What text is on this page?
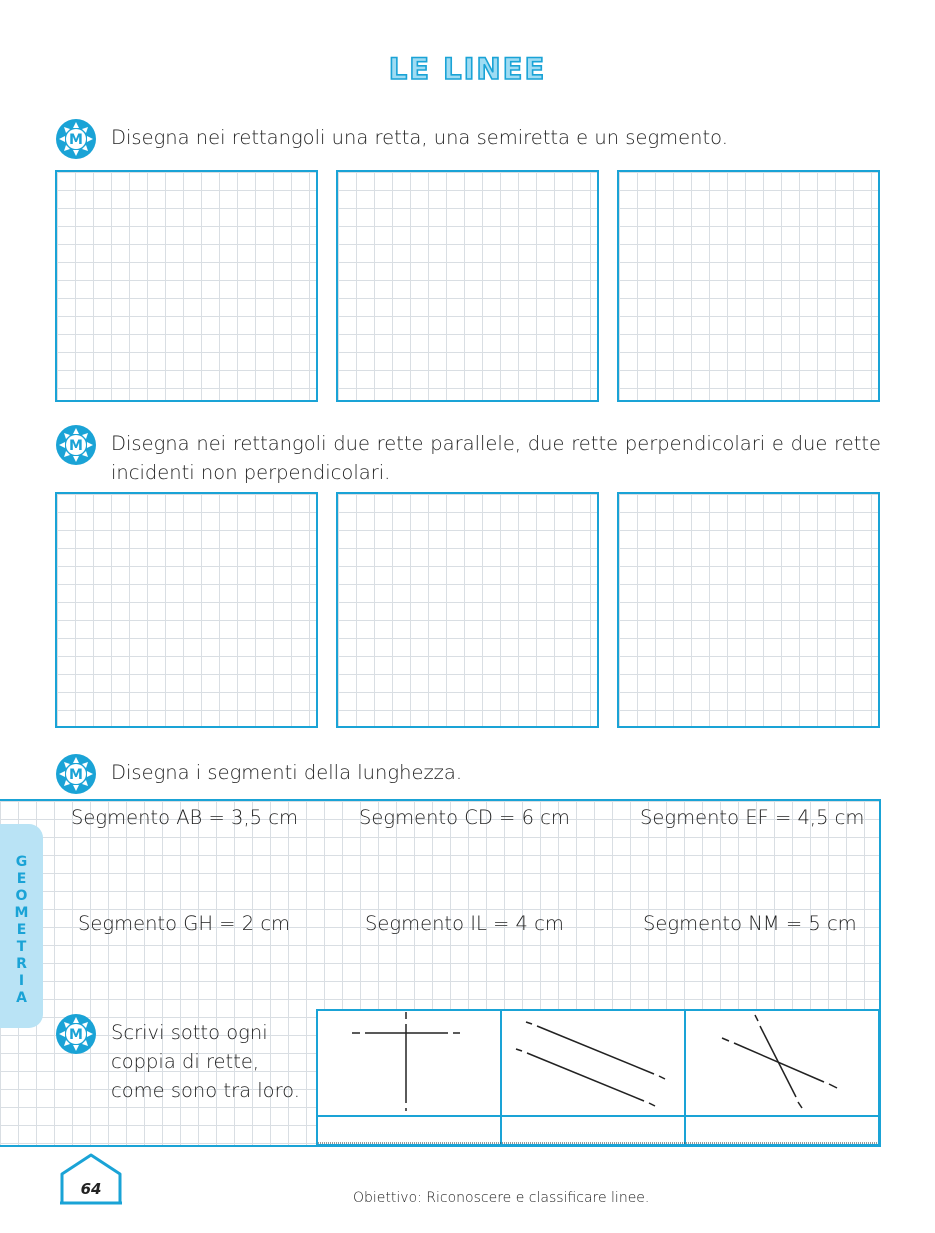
LE LINEE
M Disegna nei rettangoli una retta, una semiretta e un segmento.
M Disegna nei rettangoli due rette parallele, due rette perpendicolari e due rette incidenti non perpendicolari.
M Disegna i segmenti della lunghezza.
Segmento AB = 3,5 cm	Segmento CD = 6 cm	Segmento EF = 4,5 cm
Segmento GH = 2 cm	Segmento IL = 4 cm	Segmento NM = 5 cm
G
E
O
M
E
T
R
I
A
M Scrivi sotto ogni coppia di rette, come sono tra loro.
64	Obiettivo: Riconoscere e classificare linee.
